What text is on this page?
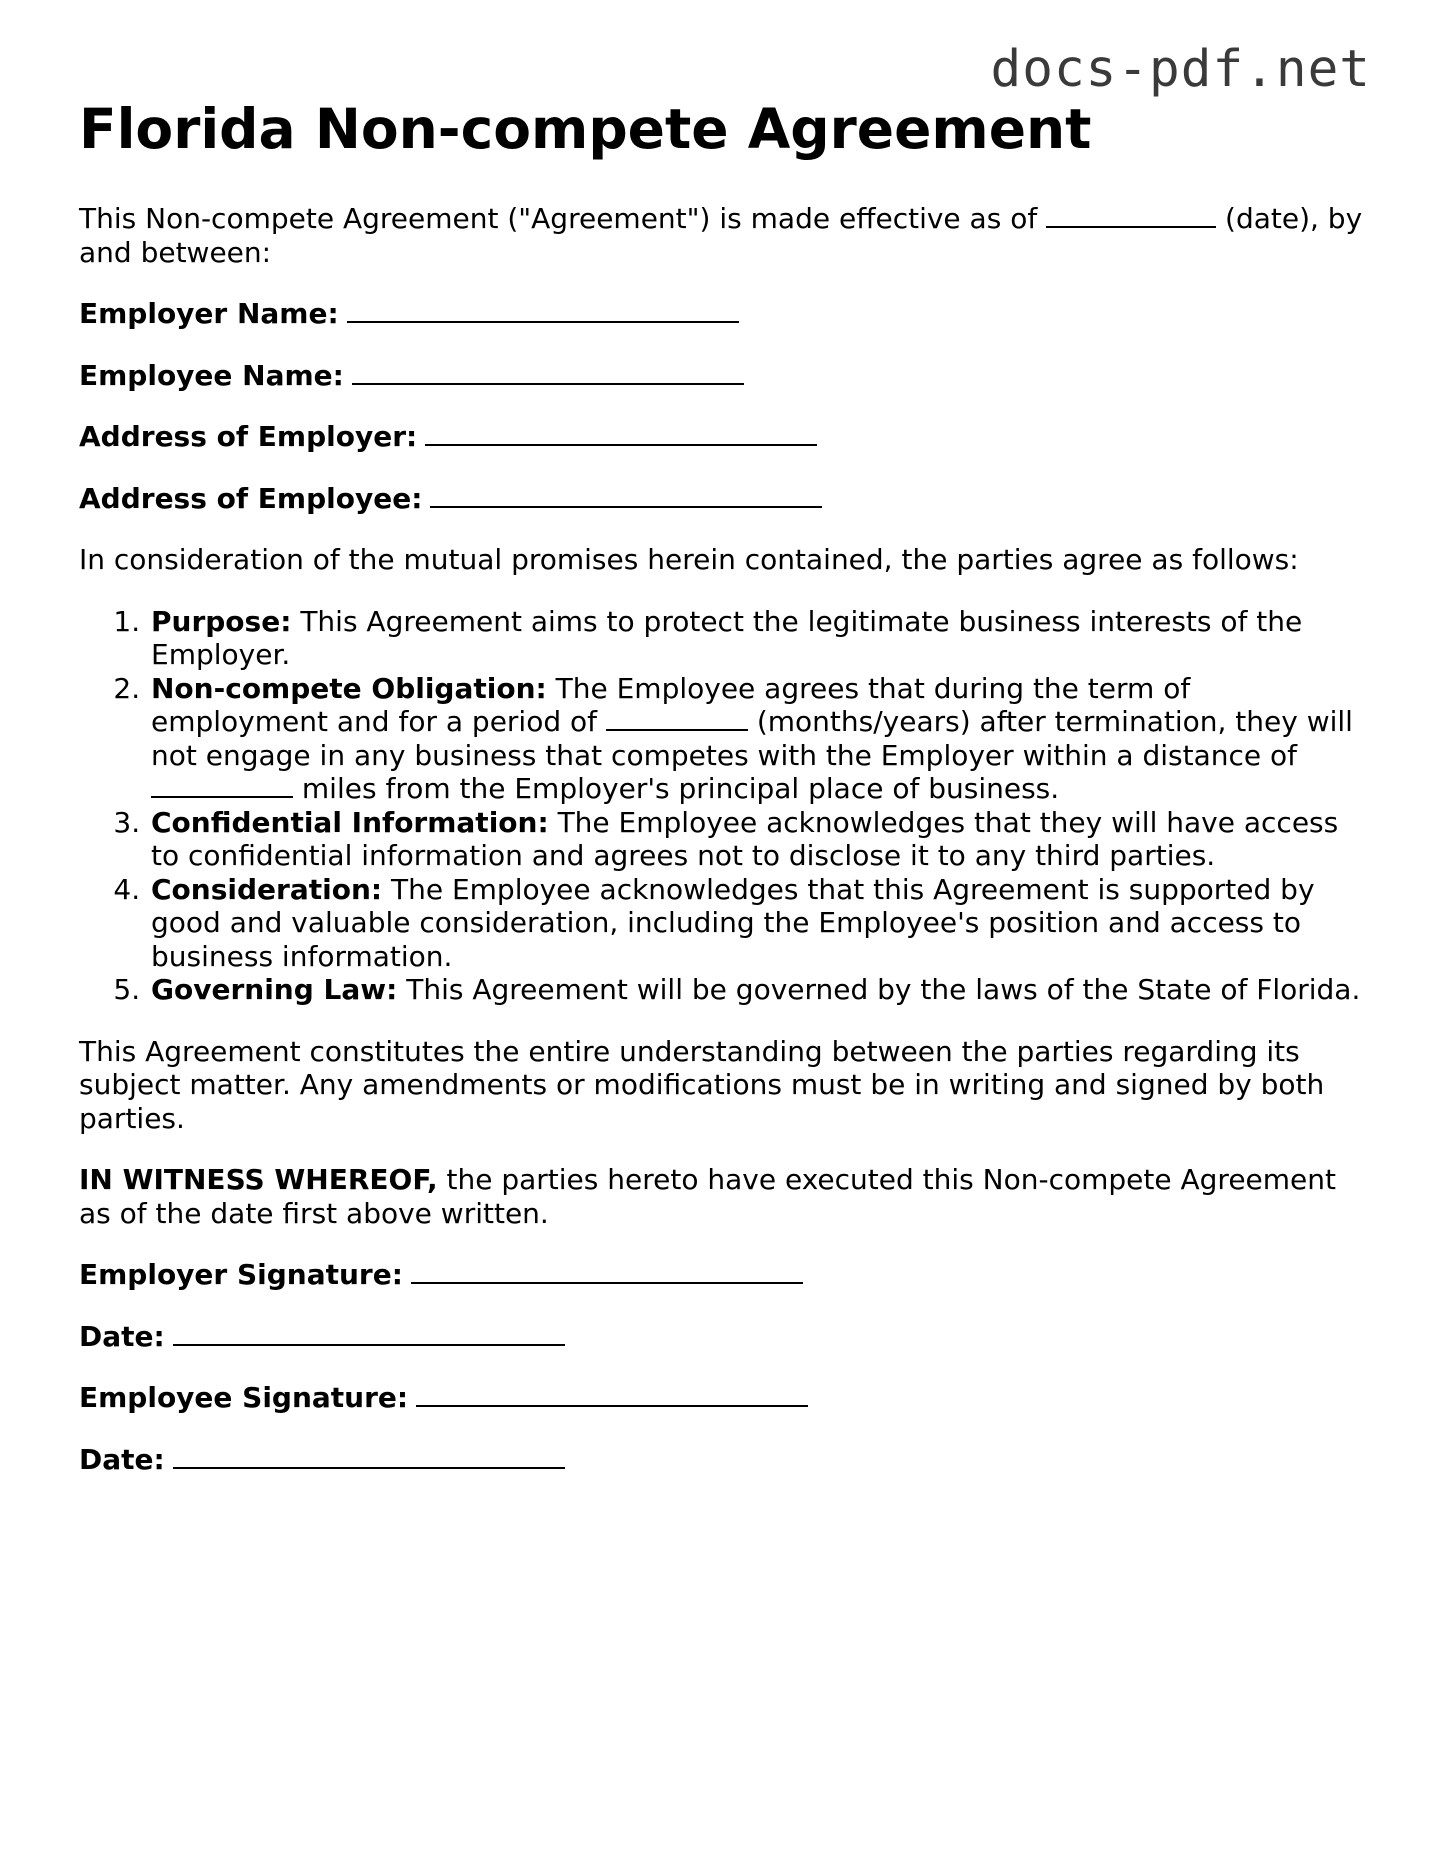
docs-pdf.net
Florida Non-compete Agreement

This Non-compete Agreement ("Agreement") is made effective as of	(date), by and between:

Employer Name:
Employee Name:
Address of Employer:
Address of Employee:

In consideration of the mutual promises herein contained, the parties agree as follows:

1. Purpose: This Agreement aims to protect the legitimate business interests of the Employer.
2. Non-compete Obligation: The Employee agrees that during the term of employment and for a period of	(months/years) after termination, they will not engage in any business that competes with the Employer within a distance of  miles from the Employer's principal place of business.
3. Confidential Information: The Employee acknowledges that they will have access to confidential information and agrees not to disclose it to any third parties.
4. Consideration: The Employee acknowledges that this Agreement is supported by good and valuable consideration, including the Employee's position and access to business information.
5. Governing Law: This Agreement will be governed by the laws of the State of Florida.

This Agreement constitutes the entire understanding between the parties regarding its subject matter. Any amendments or modifications must be in writing and signed by both parties.

IN WITNESS WHEREOF, the parties hereto have executed this Non-compete Agreement as of the date first above written.

Employer Signature:
Date:
Employee Signature:
Date:
